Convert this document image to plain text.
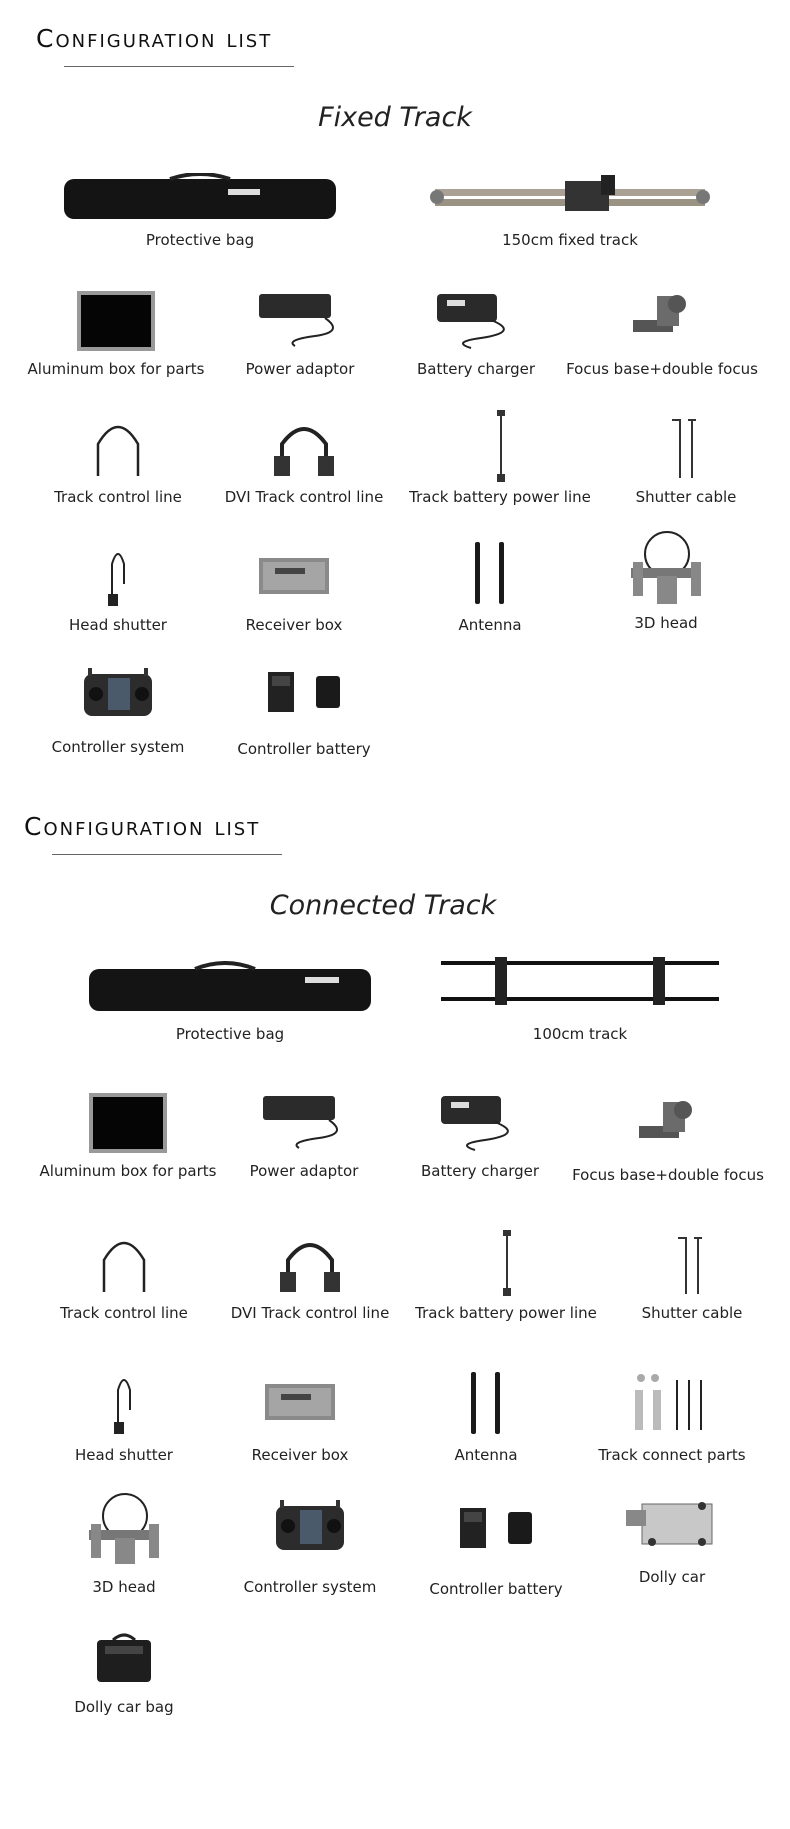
Configuration list
Fixed Track
Protective bag	150cm fixed track
Aluminum box for parts	Power adaptor	Battery charger	Focus base+double focus
Track control line	DVI Track control line	Track battery power line	Shutter cable
Head shutter	Receiver box	Antenna	3D head
Controller system	Controller battery
Configuration list
Connected Track
Protective bag	100cm track
Aluminum box for parts	Power adaptor	Battery charger	Focus base+double focus
Track control line	DVI Track control line	Track battery power line	Shutter cable
Head shutter	Receiver box	Antenna	Track connect parts
3D head	Controller system	Controller battery
Dolly car
Dolly car bag
